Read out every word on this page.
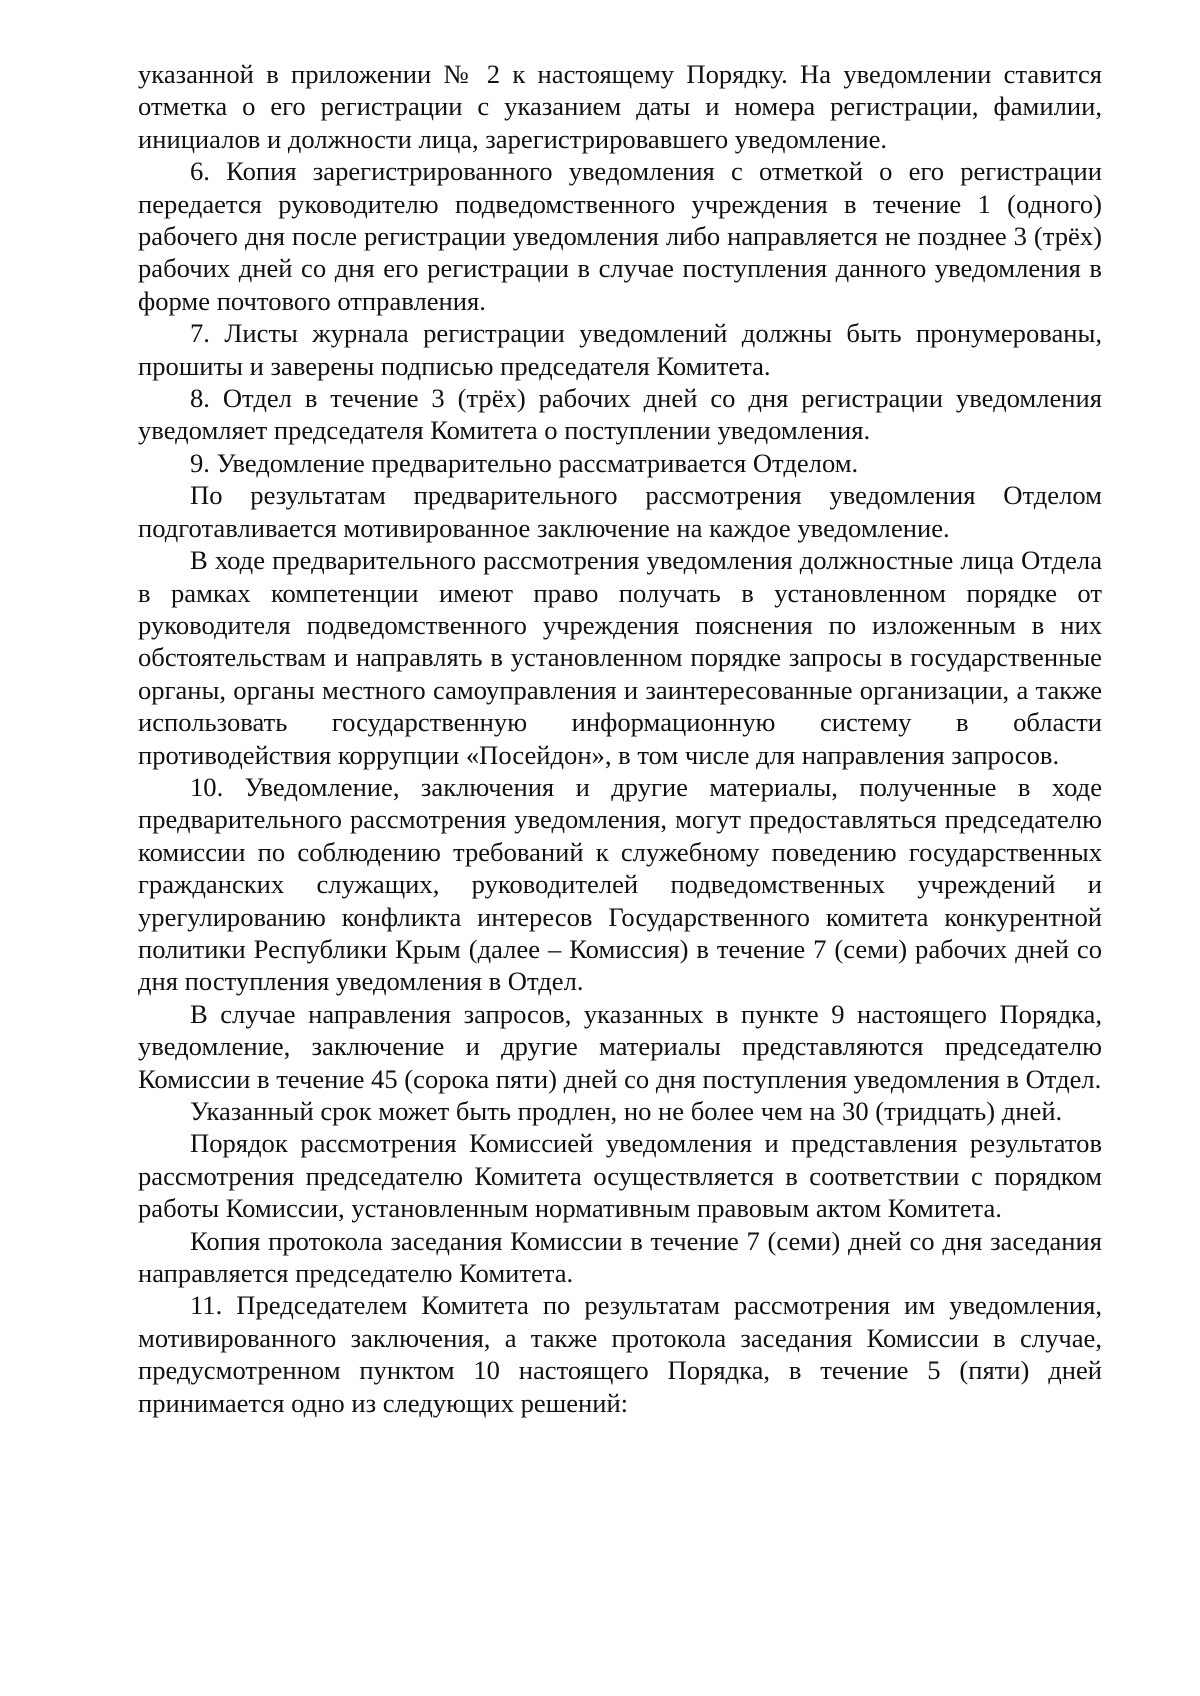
указанной в приложении № 2 к настоящему Порядку. На уведомлении ставится отметка о его регистрации с указанием даты и номера регистрации, фамилии, инициалов и должности лица, зарегистрировавшего уведомление.

6. Копия зарегистрированного уведомления с отметкой о его регистрации передается руководителю подведомственного учреждения в течение 1 (одного) рабочего дня после регистрации уведомления либо направляется не позднее 3 (трёх) рабочих дней со дня его регистрации в случае поступления данного уведомления в форме почтового отправления.

7. Листы журнала регистрации уведомлений должны быть пронумерованы, прошиты и заверены подписью председателя Комитета.

8. Отдел в течение 3 (трёх) рабочих дней со дня регистрации уведомления уведомляет председателя Комитета о поступлении уведомления.

9. Уведомление предварительно рассматривается Отделом.

По результатам предварительного рассмотрения уведомления Отделом подготавливается мотивированное заключение на каждое уведомление.

В ходе предварительного рассмотрения уведомления должностные лица Отдела в рамках компетенции имеют право получать в установленном порядке от руководителя подведомственного учреждения пояснения по изложенным в них обстоятельствам и направлять в установленном порядке запросы в государственные органы, органы местного самоуправления и заинтересованные организации, а также использовать государственную информационную систему в области противодействия коррупции «Посейдон», в том числе для направления запросов.

10. Уведомление, заключения и другие материалы, полученные в ходе предварительного рассмотрения уведомления, могут предоставляться председателю комиссии по соблюдению требований к служебному поведению государственных гражданских служащих, руководителей подведомственных учреждений и урегулированию конфликта интересов Государственного комитета конкурентной политики Республики Крым (далее – Комиссия) в течение 7 (семи) рабочих дней со дня поступления уведомления в Отдел.

В случае направления запросов, указанных в пункте 9 настоящего Порядка, уведомление, заключение и другие материалы представляются председателю Комиссии в течение 45 (сорока пяти) дней со дня поступления уведомления в Отдел.

Указанный срок может быть продлен, но не более чем на 30 (тридцать) дней.

Порядок рассмотрения Комиссией уведомления и представления результатов рассмотрения председателю Комитета осуществляется в соответствии с порядком работы Комиссии, установленным нормативным правовым актом Комитета.

Копия протокола заседания Комиссии в течение 7 (семи) дней со дня заседания направляется председателю Комитета.

11. Председателем Комитета по результатам рассмотрения им уведомления, мотивированного заключения, а также протокола заседания Комиссии в случае, предусмотренном пунктом 10 настоящего Порядка, в течение 5 (пяти) дней принимается одно из следующих решений:
